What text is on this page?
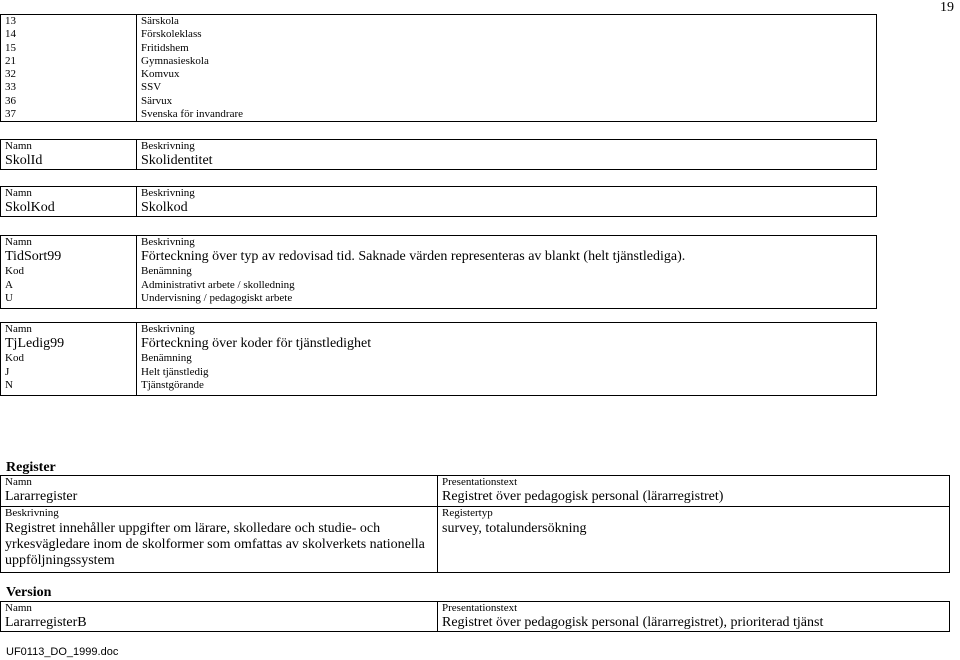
19
13	Särskola
14	Förskoleklass
15	Fritidshem
21	Gymnasieskola
32	Komvux
33	SSV
36	Särvux
37	Svenska för invandrare
Namn	Beskrivning
SkolId	Skolidentitet
Namn	Beskrivning
SkolKod	Skolkod
Namn	Beskrivning
TidSort99	Förteckning över typ av redovisad tid. Saknade värden representeras av blankt (helt tjänstlediga).
Kod	Benämning
A	Administrativt arbete / skolledning
U	Undervisning / pedagogiskt arbete
Namn	Beskrivning
TjLedig99	Förteckning över koder för tjänstledighet
Kod	Benämning
J	Helt tjänstledig
N	Tjänstgörande
Register
Namn	Presentationstext
Lararregister	Registret över pedagogisk personal (lärarregistret)
Beskrivning	Registertyp
Registret innehåller uppgifter om lärare, skolledare och studie- och yrkesvägledare inom de skolformer som omfattas av skolverkets nationella uppföljningssystem	survey, totalundersökning
Version
Namn	Presentationstext
LararregisterB	Registret över pedagogisk personal (lärarregistret), prioriterad tjänst
UF0113_DO_1999.doc
